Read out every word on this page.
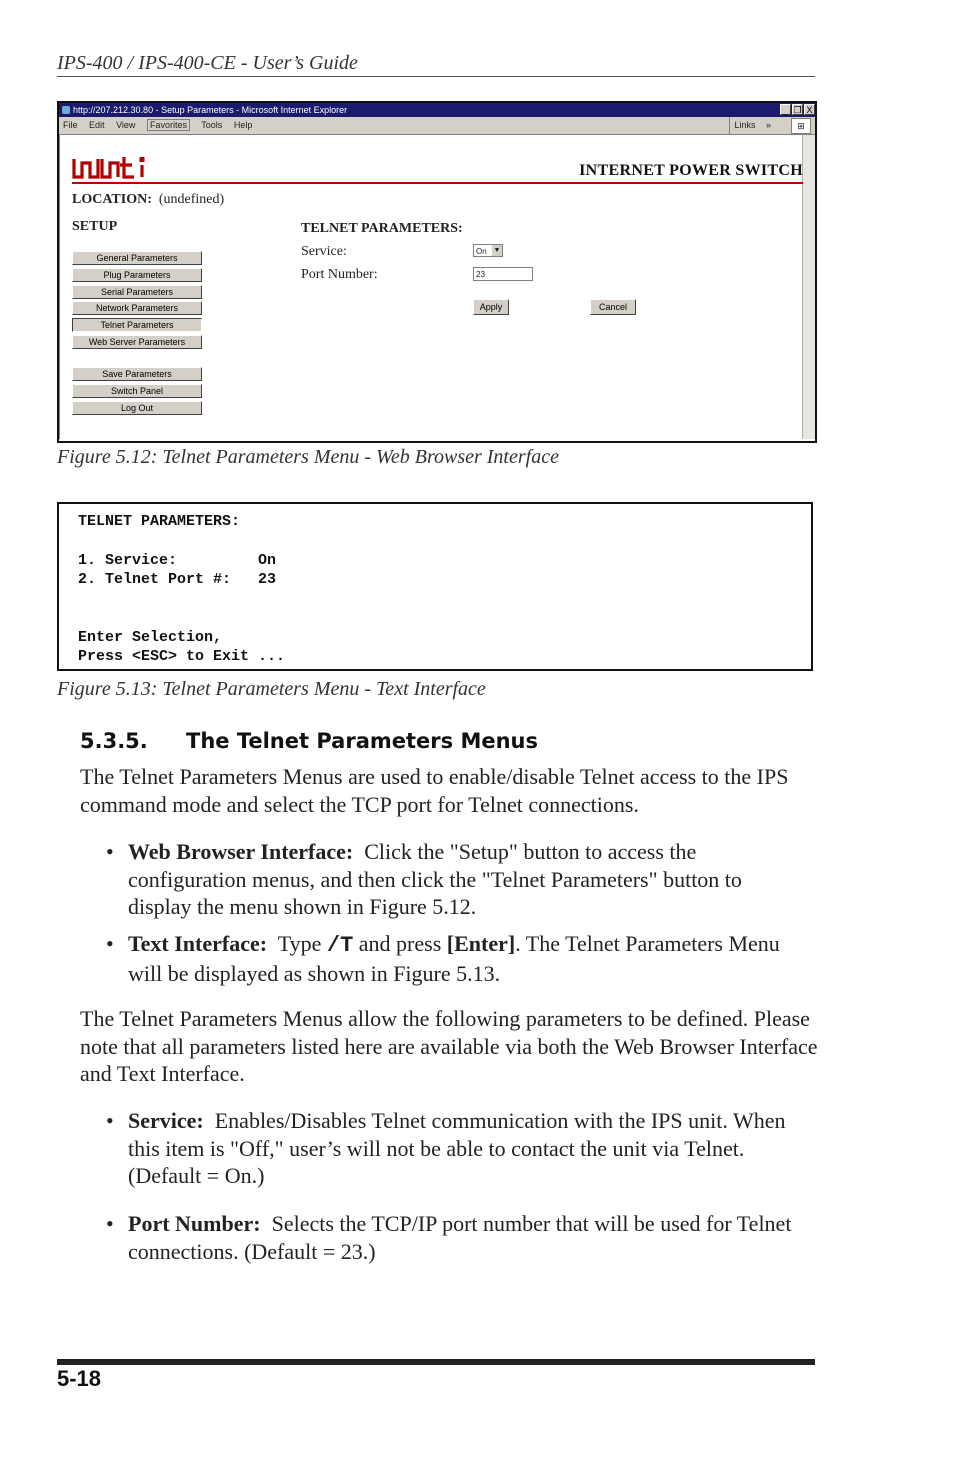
IPS-400 / IPS-400-CE - User’s Guide
http://207.212.30.80 - Setup Parameters - Microsoft Internet Explorer	_ ❐ X
File Edit View Favorites Tools Help	Links »	⊞
INTERNET POWER SWITCH
LOCATION: (undefined)
SETUP
General Parameters
Plug Parameters
Serial Parameters
Network Parameters
Telnet Parameters
Web Server Parameters
Save Parameters
Switch Panel
Log Out
TELNET PARAMETERS:
Service:	On ▼
Port Number:	23
Apply	Cancel
Figure 5.12: Telnet Parameters Menu - Web Browser Interface
TELNET PARAMETERS:

1. Service:         On
2. Telnet Port #:   23

Enter Selection,
Press <ESC> to Exit ...
Figure 5.13: Telnet Parameters Menu - Text Interface
5.3.5. The Telnet Parameters Menus

The Telnet Parameters Menus are used to enable/disable Telnet access to the IPS command mode and select the TCP port for Telnet connections.

• Web Browser Interface: Click the "Setup" button to access the configuration menus, and then click the "Telnet Parameters" button to display the menu shown in Figure 5.12.
• Text Interface: Type /T and press [Enter]. The Telnet Parameters Menu will be displayed as shown in Figure 5.13.

The Telnet Parameters Menus allow the following parameters to be defined. Please note that all parameters listed here are available via both the Web Browser Interface and Text Interface.

• Service: Enables/Disables Telnet communication with the IPS unit. When this item is "Off," user’s will not be able to contact the unit via Telnet. (Default = On.)
• Port Number: Selects the TCP/IP port number that will be used for Telnet connections. (Default = 23.)
5-18
